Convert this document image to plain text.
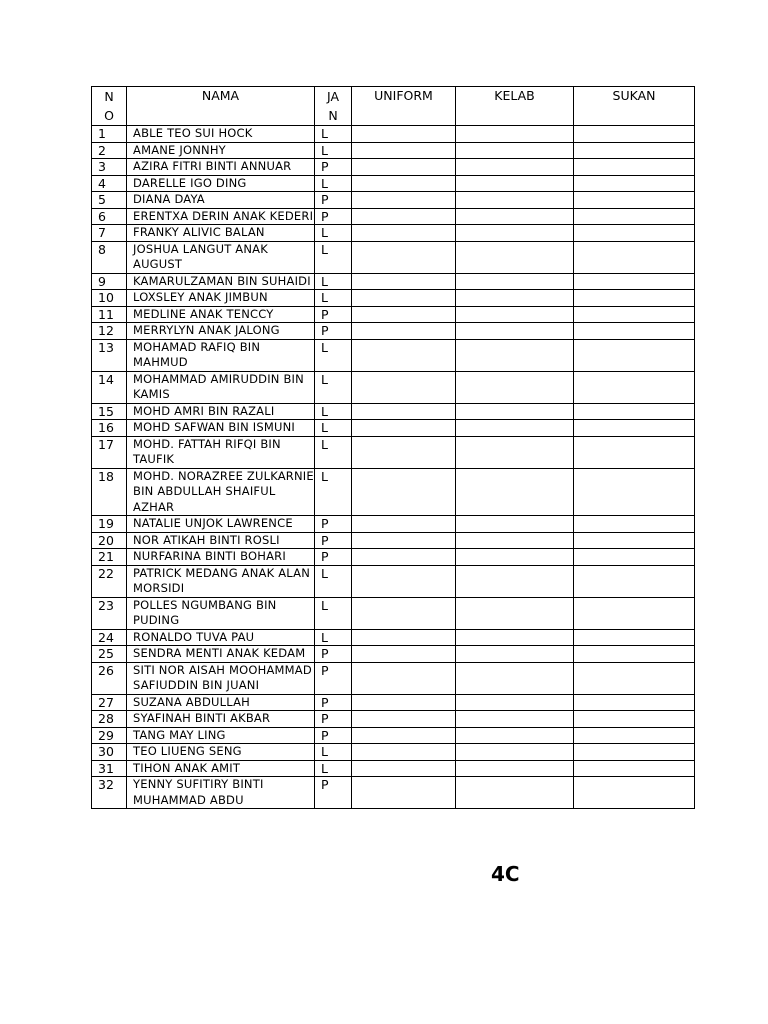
N O	NAMA	JA N	UNIFORM	KELAB	SUKAN
1	ABLE TEO SUI HOCK	L			
2	AMANE JONNHY	L			
3	AZIRA FITRI BINTI ANNUAR	P			
4	DARELLE IGO DING	L			
5	DIANA DAYA	P			
6	ERENTXA DERIN ANAK KEDERI	P			
7	FRANKY ALIVIC BALAN	L			
8	JOSHUA LANGUT ANAK AUGUST	L			
9	KAMARULZAMAN BIN SUHAIDI	L			
10	LOXSLEY ANAK JIMBUN	L			
11	MEDLINE ANAK TENCCY	P			
12	MERRYLYN ANAK JALONG	P			
13	MOHAMAD RAFIQ BIN MAHMUD	L			
14	MOHAMMAD AMIRUDDIN BIN KAMIS	L			
15	MOHD AMRI BIN RAZALI	L			
16	MOHD SAFWAN BIN ISMUNI	L			
17	MOHD. FATTAH RIFQI BIN TAUFIK	L			
18	MOHD. NORAZREE ZULKARNIE BIN ABDULLAH SHAIFUL AZHAR	L			
19	NATALIE UNJOK LAWRENCE	P			
20	NOR ATIKAH BINTI ROSLI	P			
21	NURFARINA BINTI BOHARI	P			
22	PATRICK MEDANG ANAK ALAN MORSIDI	L			
23	POLLES NGUMBANG BIN PUDING	L			
24	RONALDO TUVA PAU	L			
25	SENDRA MENTI ANAK KEDAM	P			
26	SITI NOR AISAH MOOHAMMAD SAFIUDDIN BIN JUANI	P			
27	SUZANA ABDULLAH	P			
28	SYAFINAH BINTI AKBAR	P			
29	TANG MAY LING	P			
30	TEO LIUENG SENG	L			
31	TIHON ANAK AMIT	L			
32	YENNY SUFITIRY BINTI MUHAMMAD ABDU	P			
4C
